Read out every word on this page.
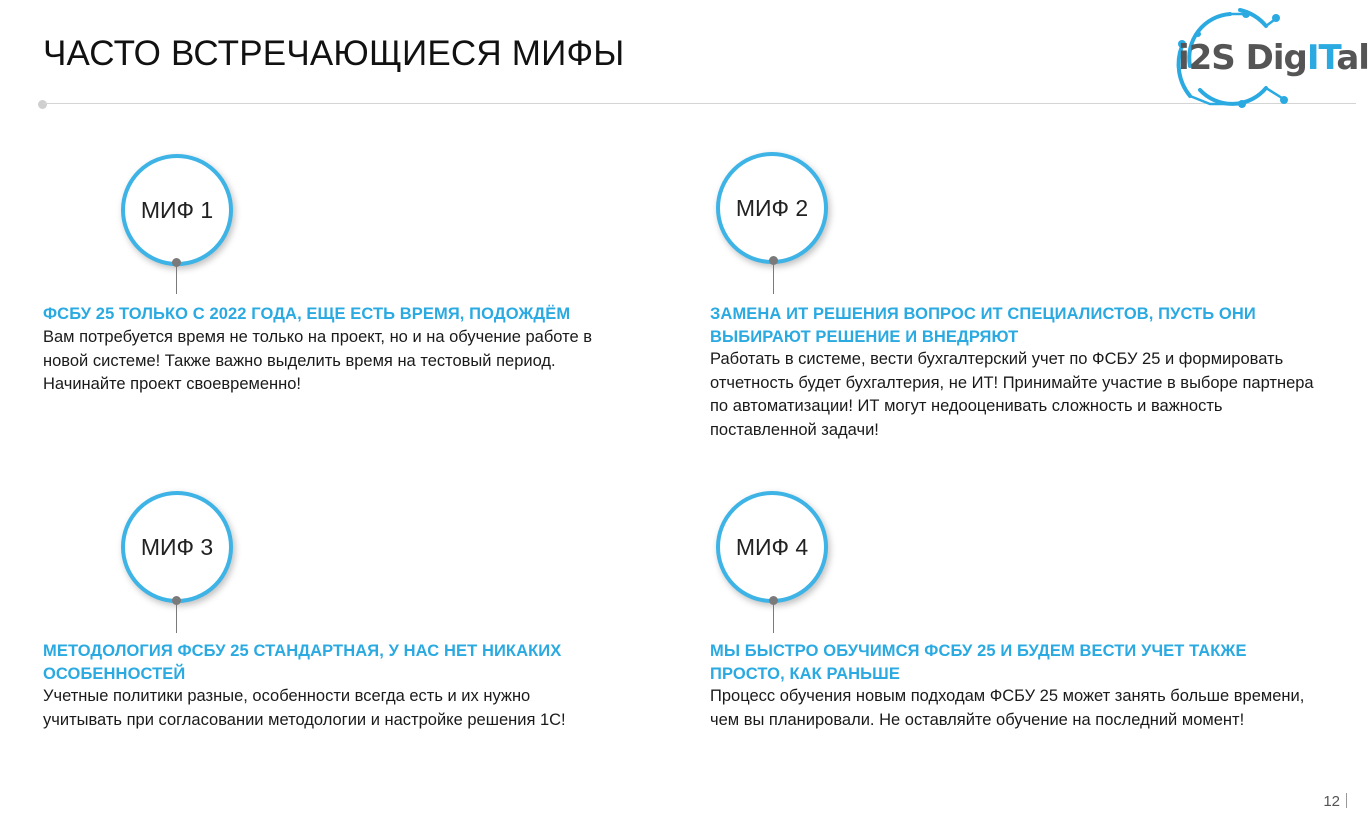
ЧАСТО ВСТРЕЧАЮЩИЕСЯ МИФЫ	i2S DigITal
МИФ 1
ФСБУ 25 ТОЛЬКО С 2022 ГОДА, ЕЩЕ ЕСТЬ ВРЕМЯ, ПОДОЖДЁМ
Вам потребуется время не только на проект, но и на обучение работе в новой системе! Также важно выделить время на тестовый период. Начинайте проект своевременно!
МИФ 2
ЗАМЕНА ИТ РЕШЕНИЯ ВОПРОС ИТ СПЕЦИАЛИСТОВ, ПУСТЬ ОНИ ВЫБИРАЮТ РЕШЕНИЕ И ВНЕДРЯЮТ
Работать в системе, вести бухгалтерский учет по ФСБУ 25 и формировать отчетность будет бухгалтерия, не ИТ! Принимайте участие в выборе партнера по автоматизации! ИТ могут недооценивать сложность и важность поставленной задачи!
МИФ 3
МЕТОДОЛОГИЯ ФСБУ 25 СТАНДАРТНАЯ, У НАС НЕТ НИКАКИХ ОСОБЕННОСТЕЙ
Учетные политики разные, особенности всегда есть и их нужно учитывать при согласовании методологии и настройке решения 1С!
МИФ 4
МЫ БЫСТРО ОБУЧИМСЯ ФСБУ 25 И БУДЕМ ВЕСТИ УЧЕТ ТАКЖЕ ПРОСТО, КАК РАНЬШЕ
Процесс обучения новым подходам ФСБУ 25 может занять больше времени, чем вы планировали. Не оставляйте обучение на последний момент!
12
